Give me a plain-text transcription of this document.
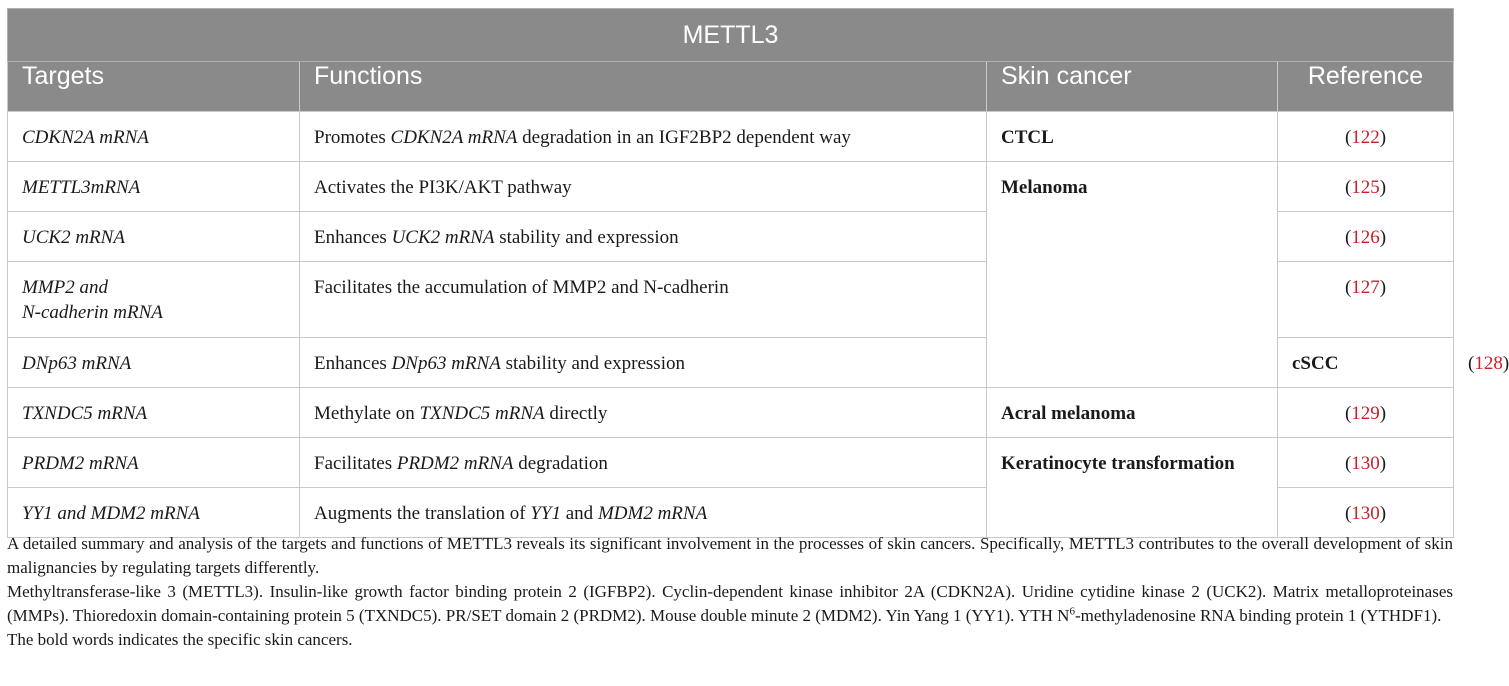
METTL3				
Targets	Functions	Skin cancer	Reference	
CDKN2A mRNA	Promotes CDKN2A mRNA degradation in an IGF2BP2 dependent way	CTCL	(122)	
METTL3mRNA	Activates the PI3K/AKT pathway	Melanoma	(125)	
UCK2 mRNA	Enhances UCK2 mRNA stability and expression		(126)	
MMP2 and
N-cadherin mRNA	Facilitates the accumulation of MMP2 and N-cadherin		(127)	
DNp63 mRNA	Enhances DNp63 mRNA stability and expression		cSCC	(128)
TXNDC5 mRNA	Methylate on TXNDC5 mRNA directly	Acral melanoma	(129)	
PRDM2 mRNA	Facilitates PRDM2 mRNA degradation	Keratinocyte transformation	(130)	
YY1 and MDM2 mRNA	Augments the translation of YY1 and MDM2 mRNA		(130)	

A detailed summary and analysis of the targets and functions of METTL3 reveals its significant involvement in the processes of skin cancers. Specifically, METTL3 contributes to the overall development of skin malignancies by regulating targets differently.

Methyltransferase-like 3 (METTL3). Insulin-like growth factor binding protein 2 (IGFBP2). Cyclin-dependent kinase inhibitor 2A (CDKN2A). Uridine cytidine kinase 2 (UCK2). Matrix metalloproteinases (MMPs). Thioredoxin domain-containing protein 5 (TXNDC5). PR/SET domain 2 (PRDM2). Mouse double minute 2 (MDM2). Yin Yang 1 (YY1). YTH $N^6$-methyladenosine RNA binding protein 1 (YTHDF1).

The bold words indicates the specific skin cancers.
